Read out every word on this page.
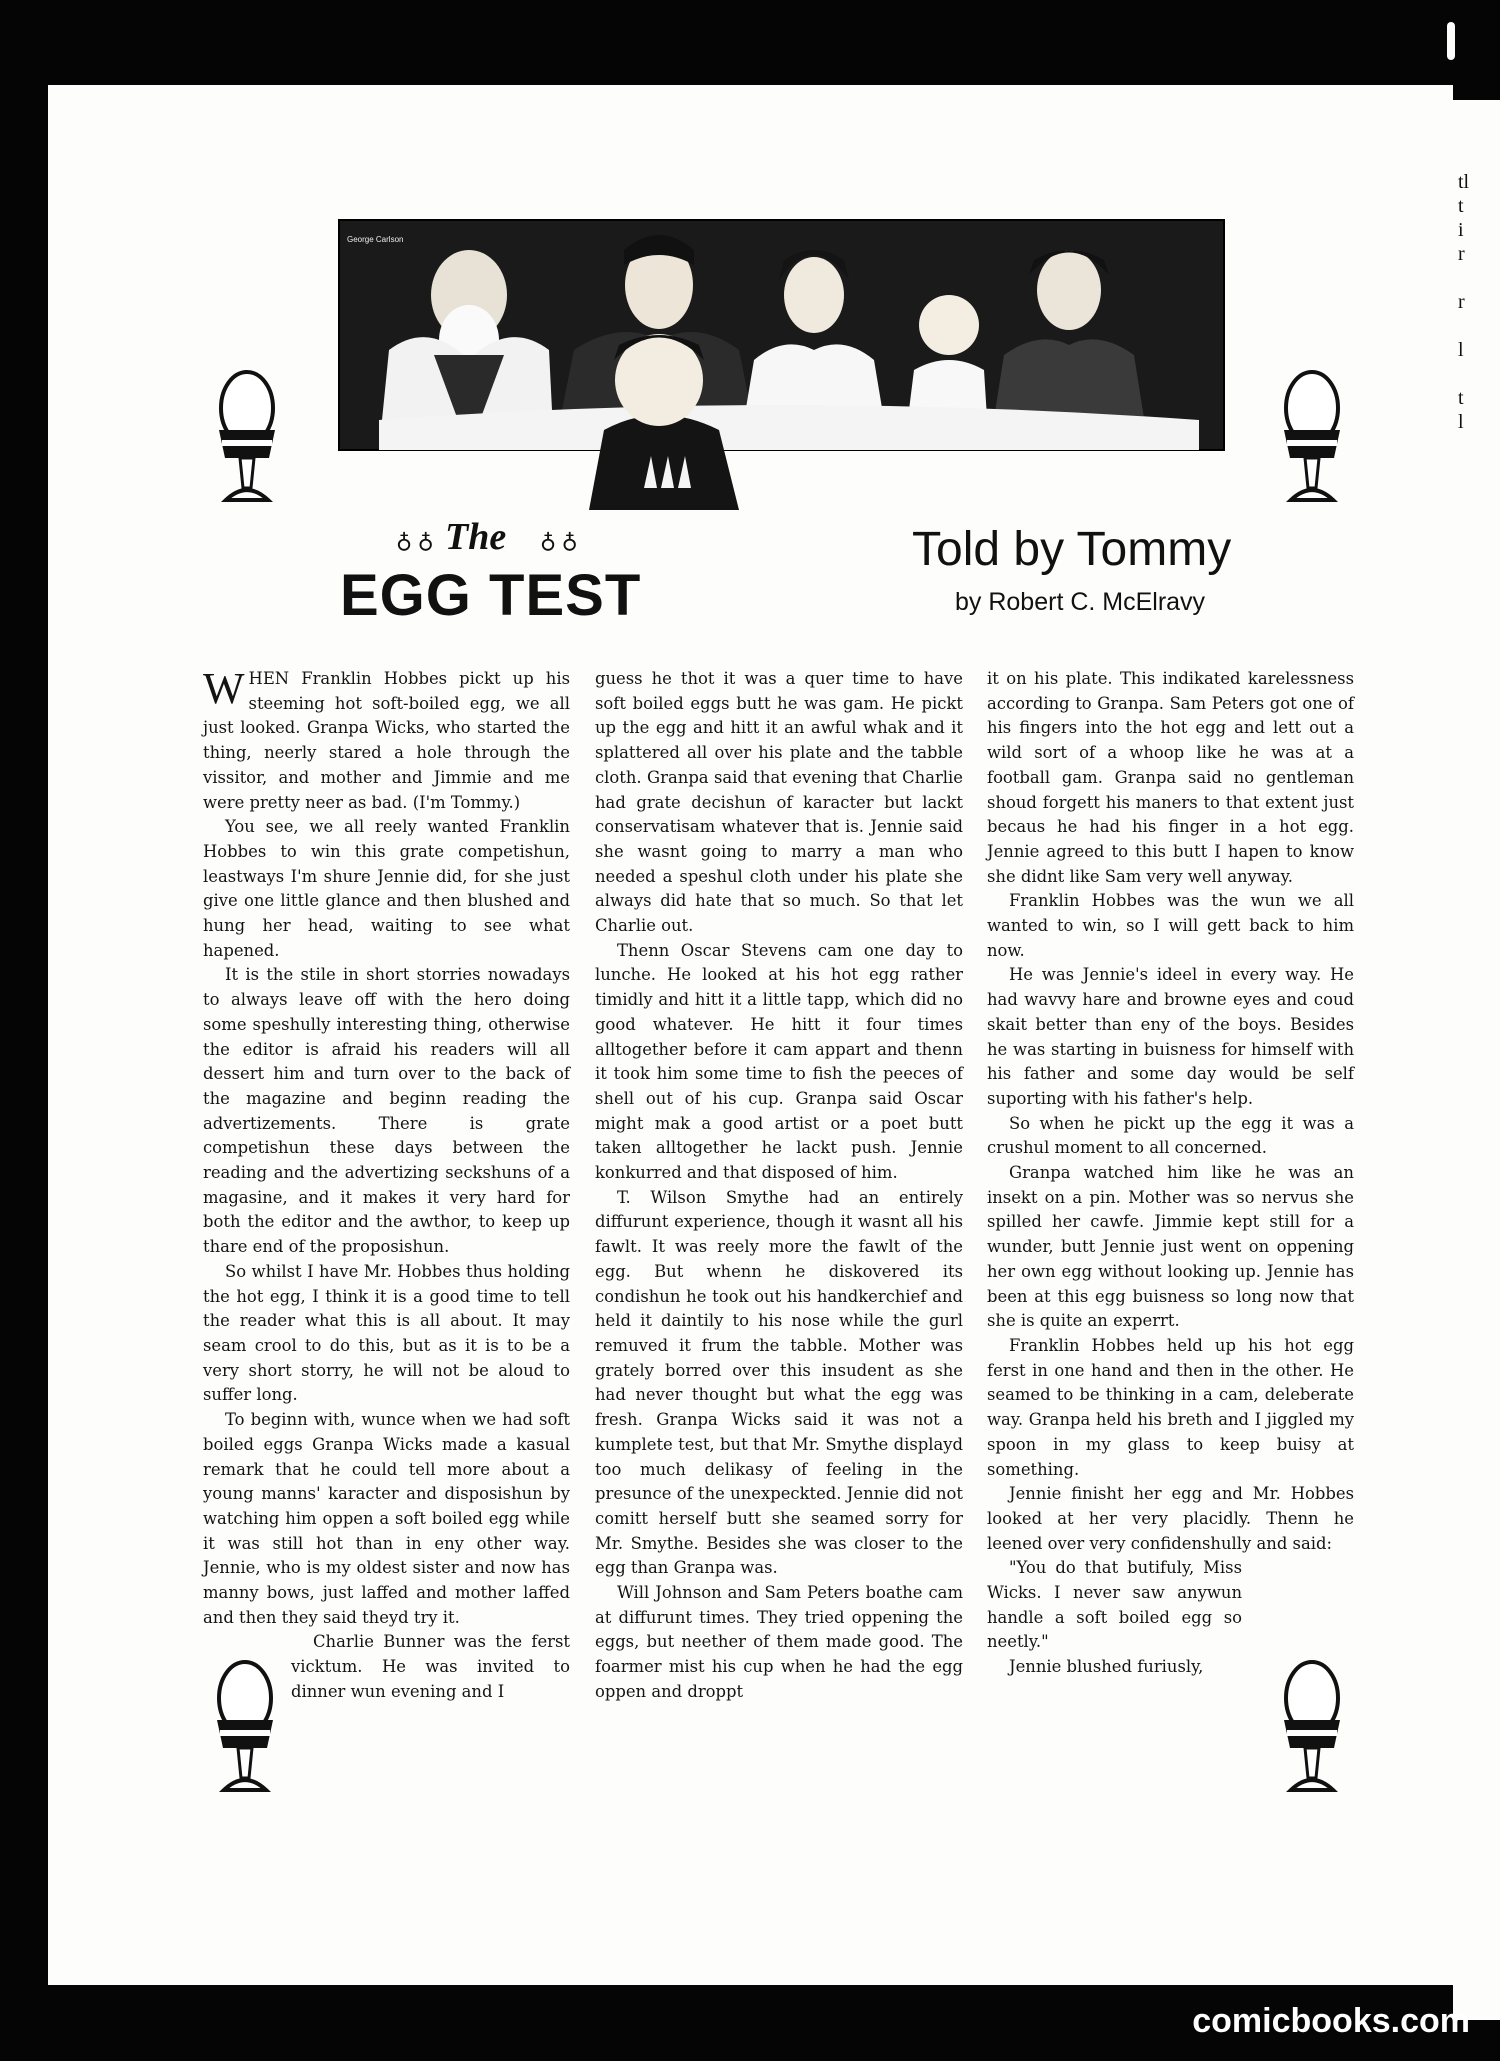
tl
t
i
r

r

l

t
l
George Carlson
♁ ♁	♁ ♁
The
EGG TEST
Told by Tommy
by Robert C. McElravy

WHEN Franklin Hobbes pickt up his steeming hot soft-boiled egg, we all just looked. Granpa Wicks, who started the thing, neerly stared a hole through the vissitor, and mother and Jimmie and me were pretty neer as bad. (I'm Tommy.)

You see, we all reely wanted Franklin Hobbes to win this grate competishun, leastways I'm shure Jennie did, for she just give one little glance and then blushed and hung her head, waiting to see what hapened.

It is the stile in short storries nowadays to always leave off with the hero doing some speshully interesting thing, otherwise the editor is afraid his readers will all dessert him and turn over to the back of the magazine and beginn reading the advertizements. There is grate competishun these days between the reading and the advertizing seckshuns of a magasine, and it makes it very hard for both the editor and the awthor, to keep up thare end of the proposishun.

So whilst I have Mr. Hobbes thus holding the hot egg, I think it is a good time to tell the reader what this is all about. It may seam crool to do this, but as it is to be a very short storry, he will not be aloud to suffer long.

To beginn with, wunce when we had soft boiled eggs Granpa Wicks made a kasual remark that he could tell more about a young manns' karacter and disposishun by watching him oppen a soft boiled egg while it was still hot than in eny other way. Jennie, who is my oldest sister and now has manny bows, just laffed and mother laffed and then they said theyd try it.

Charlie Bunner was the ferst vicktum. He was invited to dinner wun evening and I

guess he thot it was a quer time to have soft boiled eggs butt he was gam. He pickt up the egg and hitt it an awful whak and it splattered all over his plate and the tabble cloth. Granpa said that evening that Charlie had grate decishun of karacter but lackt conservatisam whatever that is. Jennie said she wasnt going to marry a man who needed a speshul cloth under his plate she always did hate that so much. So that let Charlie out.

Thenn Oscar Stevens cam one day to lunche. He looked at his hot egg rather timidly and hitt it a little tapp, which did no good whatever. He hitt it four times alltogether before it cam appart and thenn it took him some time to fish the peeces of shell out of his cup. Granpa said Oscar might mak a good artist or a poet butt taken alltogether he lackt push. Jennie konkurred and that disposed of him.

T. Wilson Smythe had an entirely diffurunt experience, though it wasnt all his fawlt. It was reely more the fawlt of the egg. But whenn he diskovered its condishun he took out his handkerchief and held it daintily to his nose while the gurl remuved it frum the tabble. Mother was grately borred over this insudent as she had never thought but what the egg was fresh. Granpa Wicks said it was not a kumplete test, but that Mr. Smythe displayd too much delikasy of feeling in the presunce of the unexpeckted. Jennie did not comitt herself butt she seamed sorry for Mr. Smythe. Besides she was closer to the egg than Granpa was.

Will Johnson and Sam Peters boathe cam at diffurunt times. They tried oppening the eggs, but neether of them made good. The foarmer mist his cup when he had the egg oppen and droppt

it on his plate. This indikated karelessness according to Granpa. Sam Peters got one of his fingers into the hot egg and lett out a wild sort of a whoop like he was at a football gam. Granpa said no gentleman shoud forgett his maners to that extent just becaus he had his finger in a hot egg. Jennie agreed to this butt I hapen to know she didnt like Sam very well anyway.

Franklin Hobbes was the wun we all wanted to win, so I will gett back to him now.

He was Jennie's ideel in every way. He had wavvy hare and browne eyes and coud skait better than eny of the boys. Besides he was starting in buisness for himself with his father and some day would be self suporting with his father's help.

So when he pickt up the egg it was a crushul moment to all concerned.

Granpa watched him like he was an insekt on a pin. Mother was so nervus she spilled her cawfe. Jimmie kept still for a wunder, butt Jennie just went on oppening her own egg without looking up. Jennie has been at this egg buisness so long now that she is quite an experrt.

Franklin Hobbes held up his hot egg ferst in one hand and then in the other. He seamed to be thinking in a cam, deleberate way. Granpa held his breth and I jiggled my spoon in my glass to keep buisy at something.

Jennie finisht her egg and Mr. Hobbes looked at her very placidly. Thenn he leened over very confidenshully and said:

"You do that butifuly, Miss Wicks. I never saw anywun handle a soft boiled egg so neetly."

Jennie blushed furiusly,

comicbooks.com
